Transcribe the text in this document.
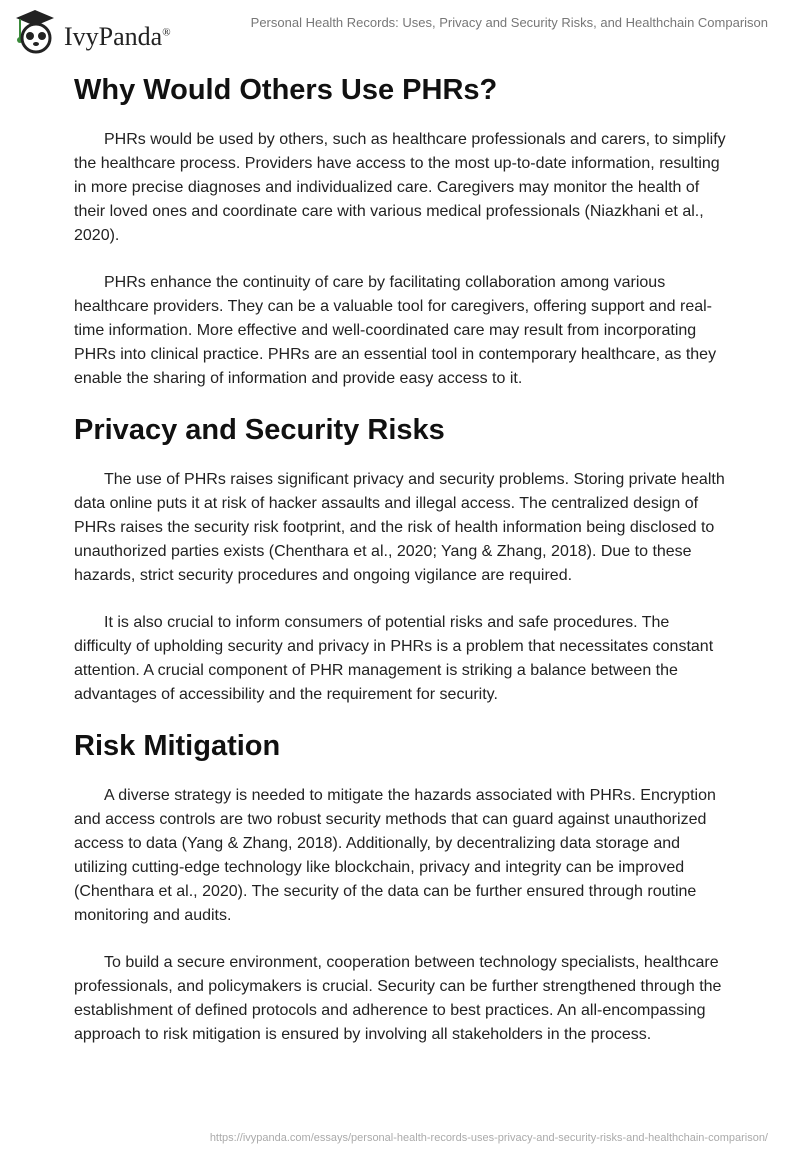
IvyPanda®
Personal Health Records: Uses, Privacy and Security Risks, and Healthchain Comparison
Why Would Others Use PHRs?

PHRs would be used by others, such as healthcare professionals and carers, to simplify the healthcare process. Providers have access to the most up-to-date information, resulting in more precise diagnoses and individualized care. Caregivers may monitor the health of their loved ones and coordinate care with various medical professionals (Niazkhani et al., 2020).

PHRs enhance the continuity of care by facilitating collaboration among various healthcare providers. They can be a valuable tool for caregivers, offering support and real-time information. More effective and well-coordinated care may result from incorporating PHRs into clinical practice. PHRs are an essential tool in contemporary healthcare, as they enable the sharing of information and provide easy access to it.

Privacy and Security Risks

The use of PHRs raises significant privacy and security problems. Storing private health data online puts it at risk of hacker assaults and illegal access. The centralized design of PHRs raises the security risk footprint, and the risk of health information being disclosed to unauthorized parties exists (Chenthara et al., 2020; Yang & Zhang, 2018). Due to these hazards, strict security procedures and ongoing vigilance are required.

It is also crucial to inform consumers of potential risks and safe procedures. The difficulty of upholding security and privacy in PHRs is a problem that necessitates constant attention. A crucial component of PHR management is striking a balance between the advantages of accessibility and the requirement for security.

Risk Mitigation

A diverse strategy is needed to mitigate the hazards associated with PHRs. Encryption and access controls are two robust security methods that can guard against unauthorized access to data (Yang & Zhang, 2018). Additionally, by decentralizing data storage and utilizing cutting-edge technology like blockchain, privacy and integrity can be improved (Chenthara et al., 2020). The security of the data can be further ensured through routine monitoring and audits.

To build a secure environment, cooperation between technology specialists, healthcare professionals, and policymakers is crucial. Security can be further strengthened through the establishment of defined protocols and adherence to best practices. An all-encompassing approach to risk mitigation is ensured by involving all stakeholders in the process.

https://ivypanda.com/essays/personal-health-records-uses-privacy-and-security-risks-and-healthchain-comparison/
